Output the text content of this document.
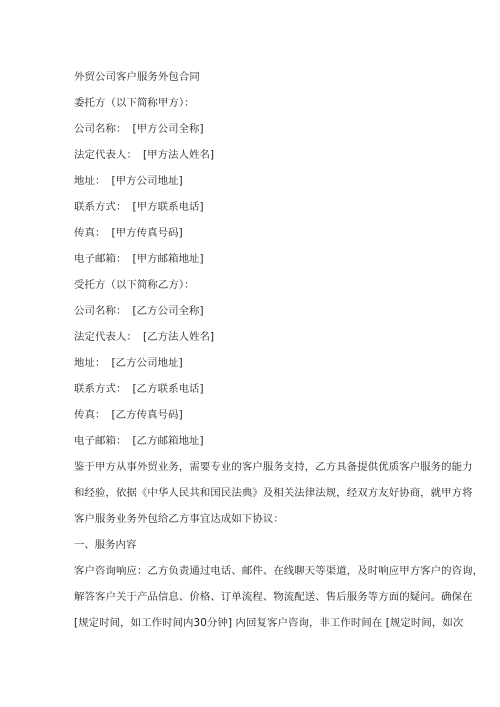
外贸公司客户服务外包合同

委托方（以下简称甲方）：

公司名称： [甲方公司全称]

法定代表人： [甲方法人姓名]

地址： [甲方公司地址]

联系方式： [甲方联系电话]

传真： [甲方传真号码]

电子邮箱： [甲方邮箱地址]

受托方（以下简称乙方）：

公司名称： [乙方公司全称]

法定代表人： [乙方法人姓名]

地址： [乙方公司地址]

联系方式： [乙方联系电话]

传真： [乙方传真号码]

电子邮箱： [乙方邮箱地址]

鉴于甲方从事外贸业务，需要专业的客户服务支持，乙方具备提供优质客户服务的能力

和经验，依据《中华人民共和国民法典》及相关法律法规，经双方友好协商，就甲方将

客户服务业务外包给乙方事宜达成如下协议：

一、服务内容

客户咨询响应：乙方负责通过电话、邮件、在线聊天等渠道，及时响应甲方客户的咨询，

解答客户关于产品信息、价格、订单流程、物流配送、售后服务等方面的疑问。确保在

[规定时间，如工作时间内30分钟] 内回复客户咨询，非工作时间在 [规定时间，如次
